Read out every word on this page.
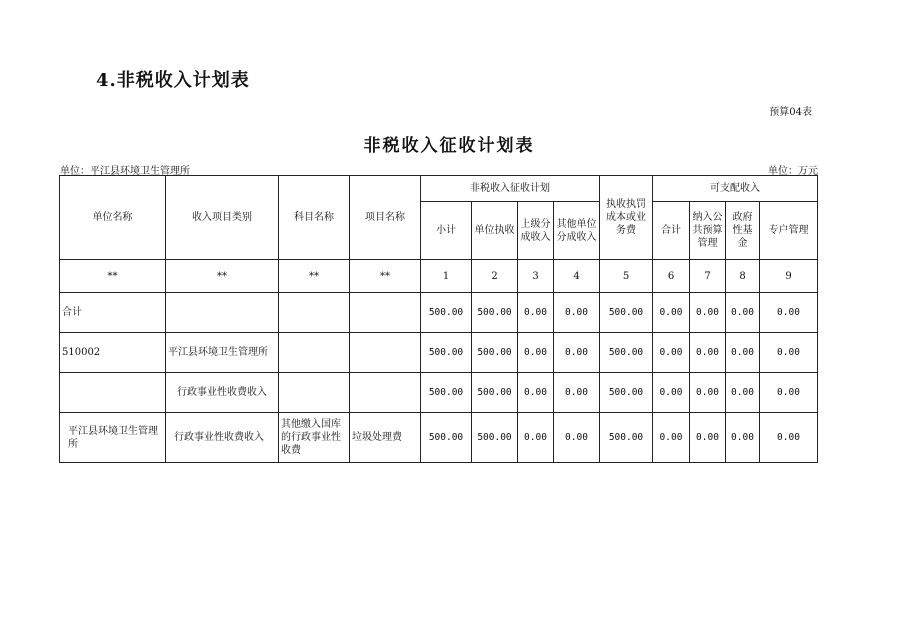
4.非税收入计划表
预算04表
非税收入征收计划表
单位：平江县环境卫生管理所	单位：万元
单位名称	收入项目类别	科目名称	项目名称	非税收入征收计划				执收执罚成本或业务费	可支配收入			
				小计	单位执收	上级分成收入	其他单位分成收入		合计	纳入公共预算管理	政府性基金	专户管理
**	**	**	**	1	2	3	4	5	6	7	8	9
合计				500.00	500.00	0.00	0.00	500.00	0.00	0.00	0.00	0.00
510002	平江县环境卫生管理所			500.00	500.00	0.00	0.00	500.00	0.00	0.00	0.00	0.00
	行政事业性收费收入			500.00	500.00	0.00	0.00	500.00	0.00	0.00	0.00	0.00
平江县环境卫生管理所	行政事业性收费收入	其他缴入国库的行政事业性收费	垃圾处理费	500.00	500.00	0.00	0.00	500.00	0.00	0.00	0.00	0.00
